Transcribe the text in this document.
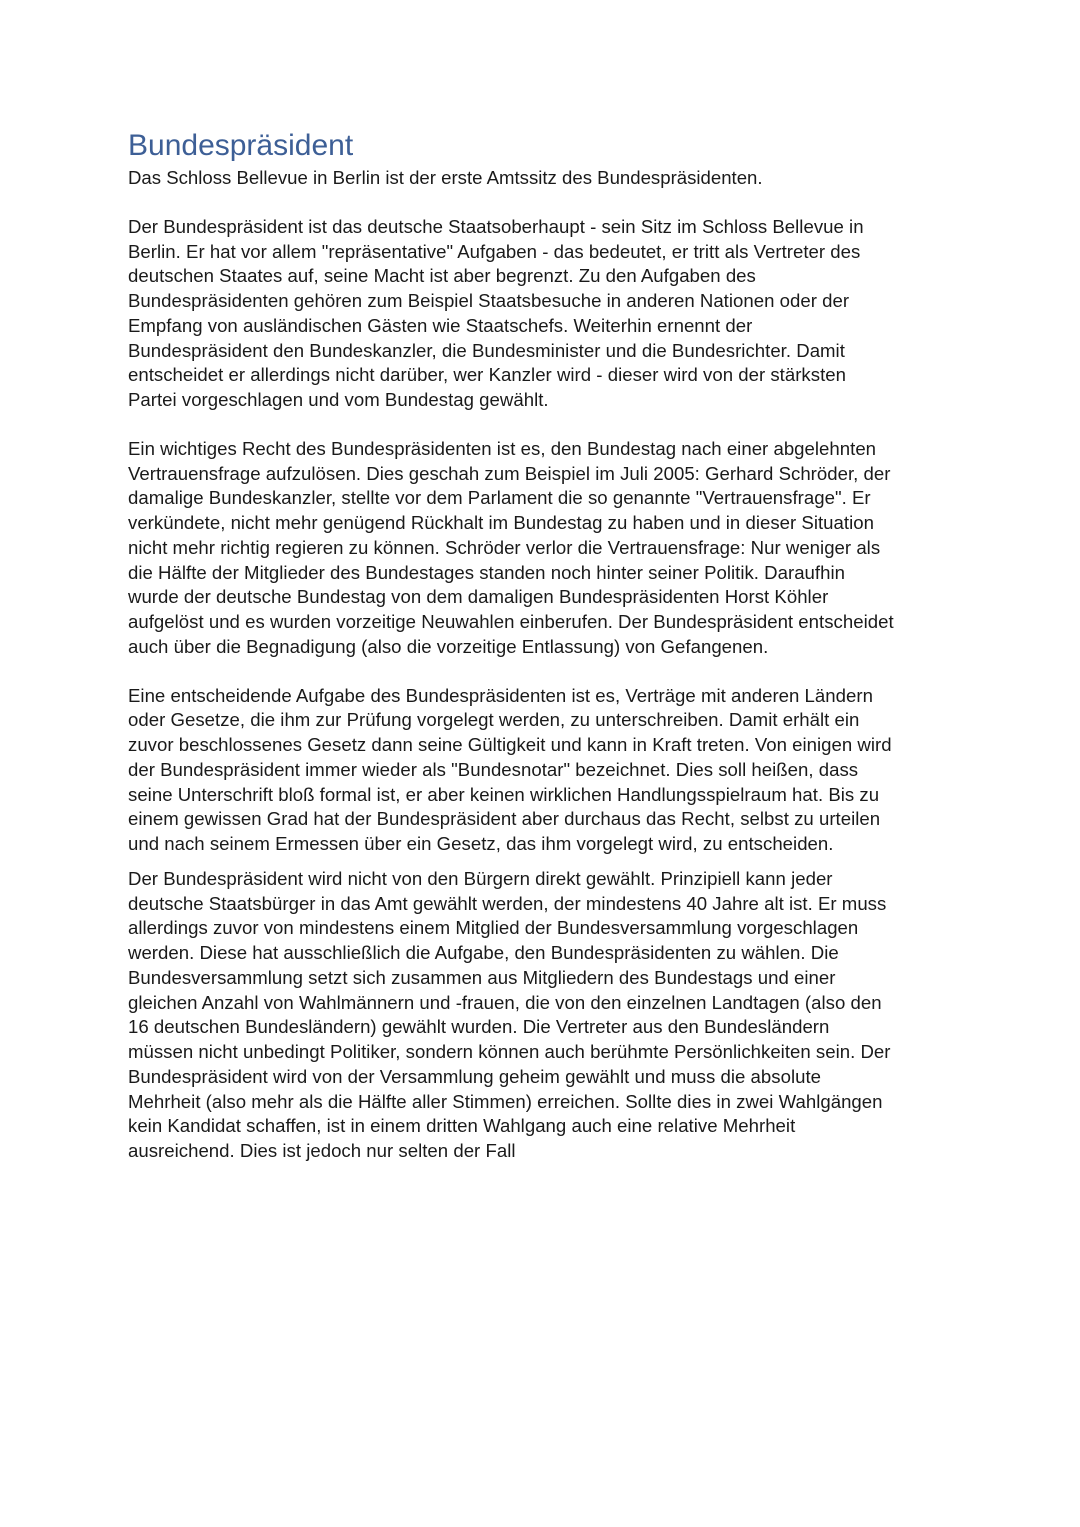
Bundespräsident

Das Schloss Bellevue in Berlin ist der erste Amtssitz des Bundespräsidenten.

Der Bundespräsident ist das deutsche Staatsoberhaupt - sein Sitz im Schloss Bellevue in
Berlin. Er hat vor allem "repräsentative" Aufgaben - das bedeutet, er tritt als Vertreter des
deutschen Staates auf, seine Macht ist aber begrenzt. Zu den Aufgaben des
Bundespräsidenten gehören zum Beispiel Staatsbesuche in anderen Nationen oder der
Empfang von ausländischen Gästen wie Staatschefs. Weiterhin ernennt der
Bundespräsident den Bundeskanzler, die Bundesminister und die Bundesrichter. Damit
entscheidet er allerdings nicht darüber, wer Kanzler wird - dieser wird von der stärksten
Partei vorgeschlagen und vom Bundestag gewählt.
Ein wichtiges Recht des Bundespräsidenten ist es, den Bundestag nach einer abgelehnten
Vertrauensfrage aufzulösen. Dies geschah zum Beispiel im Juli 2005: Gerhard Schröder, der
damalige Bundeskanzler, stellte vor dem Parlament die so genannte "Vertrauensfrage". Er
verkündete, nicht mehr genügend Rückhalt im Bundestag zu haben und in dieser Situation
nicht mehr richtig regieren zu können. Schröder verlor die Vertrauensfrage: Nur weniger als
die Hälfte der Mitglieder des Bundestages standen noch hinter seiner Politik. Daraufhin
wurde der deutsche Bundestag von dem damaligen Bundespräsidenten Horst Köhler
aufgelöst und es wurden vorzeitige Neuwahlen einberufen. Der Bundespräsident entscheidet
auch über die Begnadigung (also die vorzeitige Entlassung) von Gefangenen.
Eine entscheidende Aufgabe des Bundespräsidenten ist es, Verträge mit anderen Ländern
oder Gesetze, die ihm zur Prüfung vorgelegt werden, zu unterschreiben. Damit erhält ein
zuvor beschlossenes Gesetz dann seine Gültigkeit und kann in Kraft treten. Von einigen wird
der Bundespräsident immer wieder als "Bundesnotar" bezeichnet. Dies soll heißen, dass
seine Unterschrift bloß formal ist, er aber keinen wirklichen Handlungsspielraum hat. Bis zu
einem gewissen Grad hat der Bundespräsident aber durchaus das Recht, selbst zu urteilen
und nach seinem Ermessen über ein Gesetz, das ihm vorgelegt wird, zu entscheiden.
Der Bundespräsident wird nicht von den Bürgern direkt gewählt. Prinzipiell kann jeder
deutsche Staatsbürger in das Amt gewählt werden, der mindestens 40 Jahre alt ist. Er muss
allerdings zuvor von mindestens einem Mitglied der Bundesversammlung vorgeschlagen
werden. Diese hat ausschließlich die Aufgabe, den Bundespräsidenten zu wählen. Die
Bundesversammlung setzt sich zusammen aus Mitgliedern des Bundestags und einer
gleichen Anzahl von Wahlmännern und -frauen, die von den einzelnen Landtagen (also den
16 deutschen Bundesländern) gewählt wurden. Die Vertreter aus den Bundesländern
müssen nicht unbedingt Politiker, sondern können auch berühmte Persönlichkeiten sein. Der
Bundespräsident wird von der Versammlung geheim gewählt und muss die absolute
Mehrheit (also mehr als die Hälfte aller Stimmen) erreichen. Sollte dies in zwei Wahlgängen
kein Kandidat schaffen, ist in einem dritten Wahlgang auch eine relative Mehrheit
ausreichend. Dies ist jedoch nur selten der Fall
